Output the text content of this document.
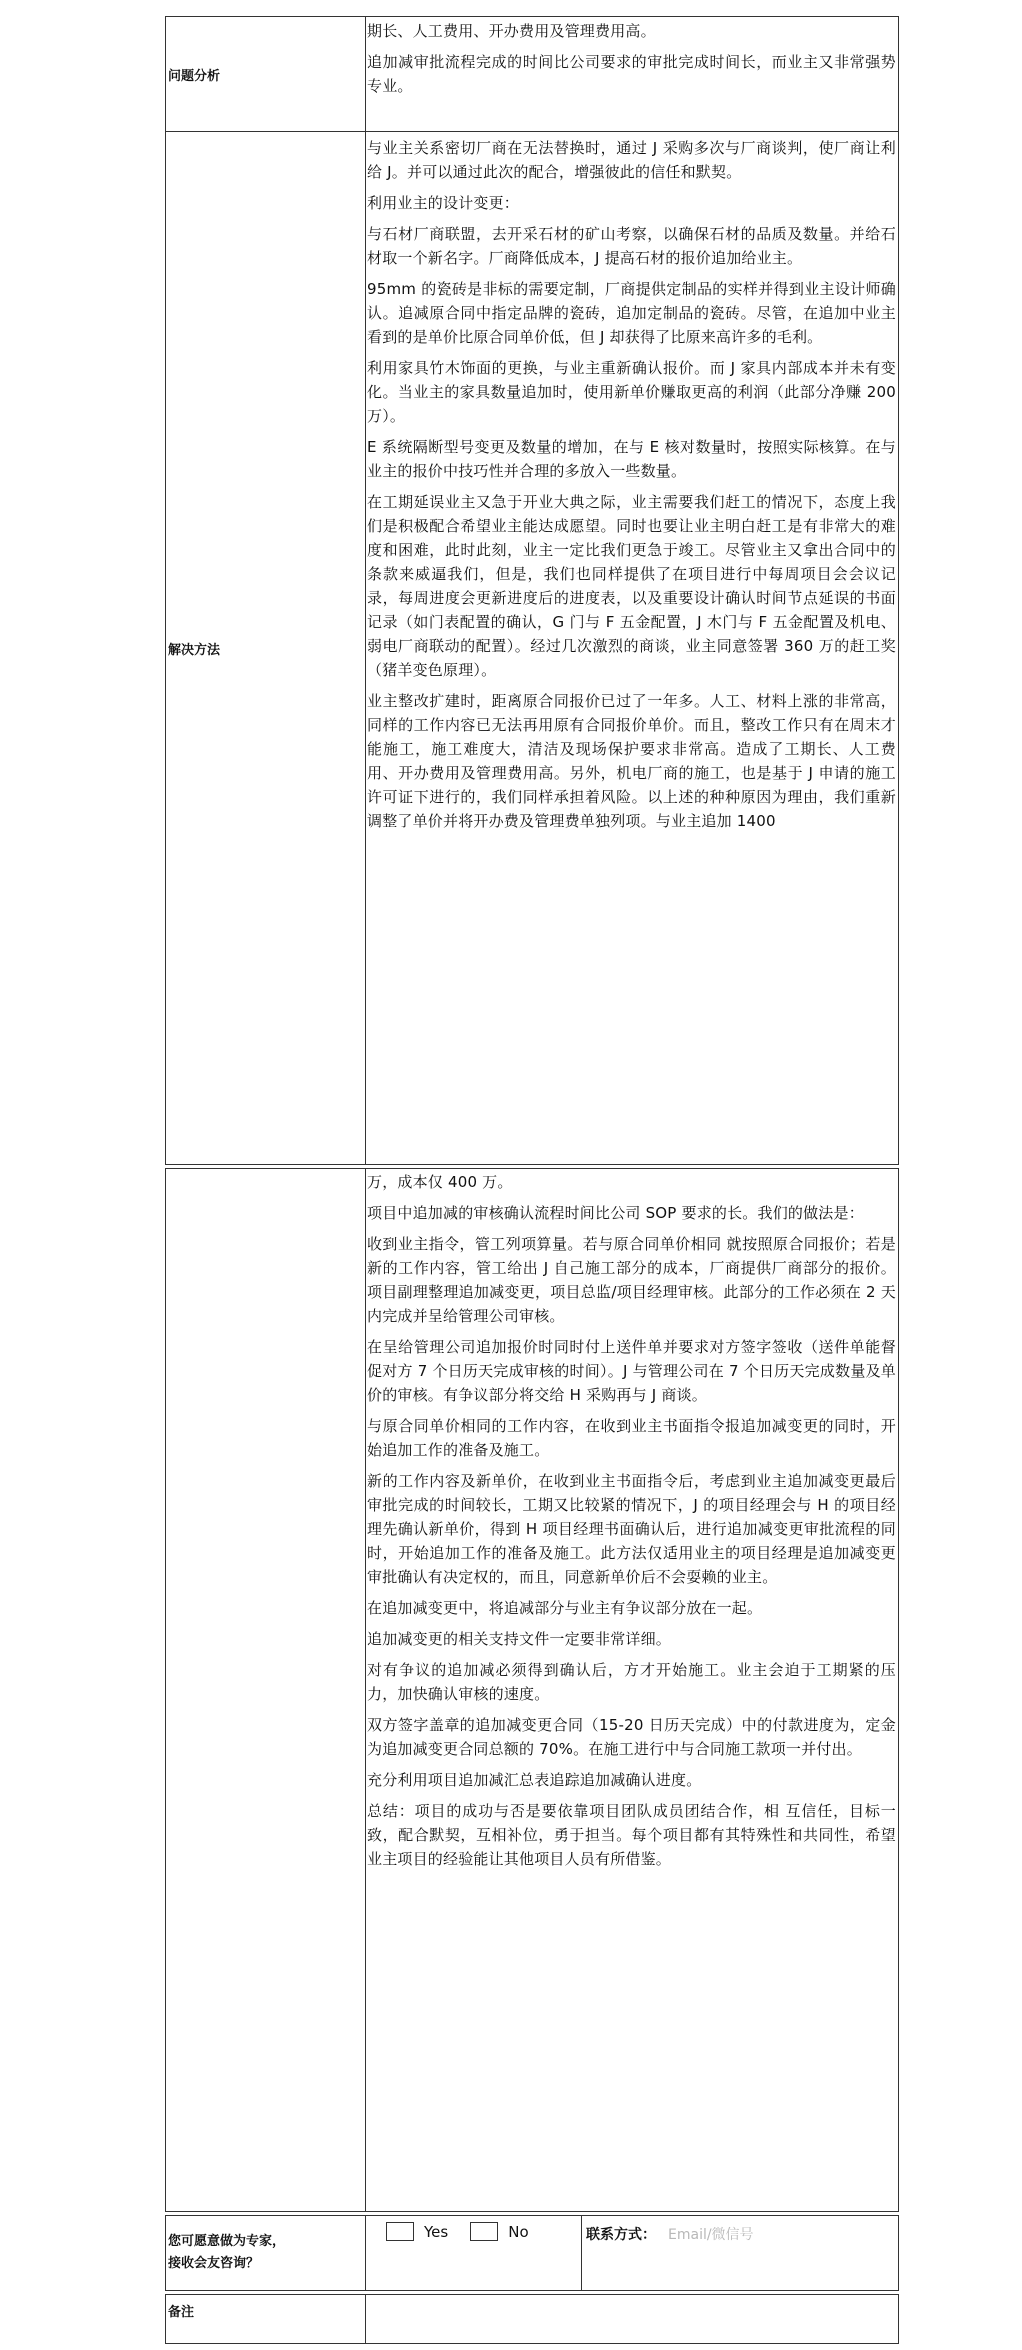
问题分析

期长、人工费用、开办费用及管理费用高。

追加减审批流程完成的时间比公司要求的审批完成时间长，而业主又非常强势专业。

解决方法

与业主关系密切厂商在无法替换时，通过 J 采购多次与厂商谈判，使厂商让利给 J。并可以通过此次的配合，增强彼此的信任和默契。

利用业主的设计变更：

与石材厂商联盟，去开采石材的矿山考察，以确保石材的品质及数量。并给石材取一个新名字。厂商降低成本，J 提高石材的报价追加给业主。

95mm 的瓷砖是非标的需要定制，厂商提供定制品的实样并得到业主设计师确认。追减原合同中指定品牌的瓷砖，追加定制品的瓷砖。尽管，在追加中业主看到的是单价比原合同单价低，但 J 却获得了比原来高许多的毛利。

利用家具竹木饰面的更换，与业主重新确认报价。而 J 家具内部成本并未有变化。当业主的家具数量追加时，使用新单价赚取更高的利润（此部分净赚 200 万）。

E 系统隔断型号变更及数量的增加，在与 E 核对数量时，按照实际核算。在与业主的报价中技巧性并合理的多放入一些数量。

在工期延误业主又急于开业大典之际，业主需要我们赶工的情况下，态度上我们是积极配合希望业主能达成愿望。同时也要让业主明白赶工是有非常大的难度和困难，此时此刻，业主一定比我们更急于竣工。尽管业主又拿出合同中的条款来威逼我们，但是，我们也同样提供了在项目进行中每周项目会会议记录，每周进度会更新进度后的进度表，以及重要设计确认时间节点延误的书面记录（如门表配置的确认，G 门与 F 五金配置，J 木门与 F 五金配置及机电、弱电厂商联动的配置）。经过几次激烈的商谈，业主同意签署 360 万的赶工奖（猪羊变色原理）。

业主整改扩建时，距离原合同报价已过了一年多。人工、材料上涨的非常高，同样的工作内容已无法再用原有合同报价单价。而且，整改工作只有在周末才能施工，施工难度大，清洁及现场保护要求非常高。造成了工期长、人工费用、开办费用及管理费用高。另外，机电厂商的施工，也是基于 J 申请的施工许可证下进行的，我们同样承担着风险。以上述的种种原因为理由，我们重新调整了单价并将开办费及管理费单独列项。与业主追加 1400

万，成本仅 400 万。

项目中追加减的审核确认流程时间比公司 SOP 要求的长。我们的做法是：

收到业主指令，管工列项算量。若与原合同单价相同 就按照原合同报价；若是新的工作内容，管工给出 J 自己施工部分的成本，厂商提供厂商部分的报价。项目副理整理追加减变更，项目总监/项目经理审核。此部分的工作必须在 2 天内完成并呈给管理公司审核。

在呈给管理公司追加报价时同时付上送件单并要求对方签字签收（送件单能督促对方 7 个日历天完成审核的时间）。J 与管理公司在 7 个日历天完成数量及单价的审核。有争议部分将交给 H 采购再与 J 商谈。

与原合同单价相同的工作内容，在收到业主书面指令报追加减变更的同时，开始追加工作的准备及施工。

新的工作内容及新单价，在收到业主书面指令后，考虑到业主追加减变更最后审批完成的时间较长，工期又比较紧的情况下，J 的项目经理会与 H 的项目经理先确认新单价，得到 H 项目经理书面确认后，进行追加减变更审批流程的同时，开始追加工作的准备及施工。此方法仅适用业主的项目经理是追加减变更审批确认有决定权的，而且，同意新单价后不会耍赖的业主。

在追加减变更中，将追减部分与业主有争议部分放在一起。

追加减变更的相关支持文件一定要非常详细。

对有争议的追加减必须得到确认后，方才开始施工。业主会迫于工期紧的压力，加快确认审核的速度。

双方签字盖章的追加减变更合同（15-20 日历天完成）中的付款进度为，定金为追加减变更合同总额的 70%。在施工进行中与合同施工款项一并付出。

充分利用项目追加减汇总表追踪追加减确认进度。

总结：项目的成功与否是要依靠项目团队成员团结合作，相 互信任，目标一致，配合默契，互相补位，勇于担当。每个项目都有其特殊性和共同性，希望业主项目的经验能让其他项目人员有所借鉴。

您可愿意做为专家，
接收会友咨询？
Yes	No	联系方式： Email/微信号
备注
